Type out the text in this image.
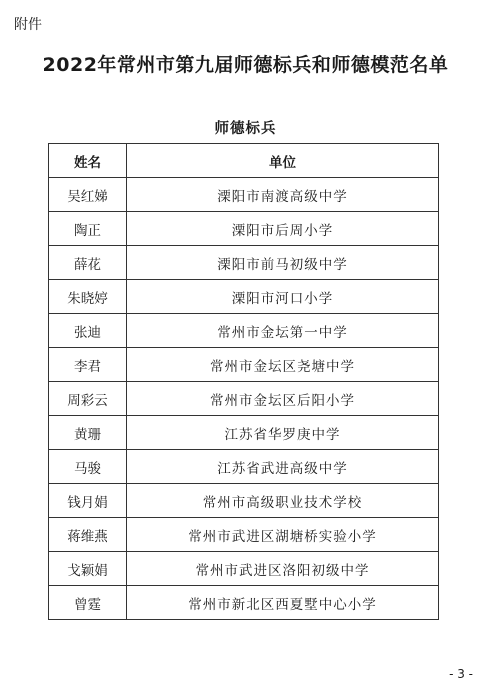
附件
2022年常州市第九届师德标兵和师德模范名单
师德标兵
姓名	单位
吴红娣	溧阳市南渡高级中学
陶正	溧阳市后周小学
薛花	溧阳市前马初级中学
朱晓婷	溧阳市河口小学
张迪	常州市金坛第一中学
李君	常州市金坛区尧塘中学
周彩云	常州市金坛区后阳小学
黄珊	江苏省华罗庚中学
马骏	江苏省武进高级中学
钱月娟	常州市高级职业技术学校
蒋维燕	常州市武进区湖塘桥实验小学
戈颖娟	常州市武进区洛阳初级中学
曾霆	常州市新北区西夏墅中心小学
- 3 -
